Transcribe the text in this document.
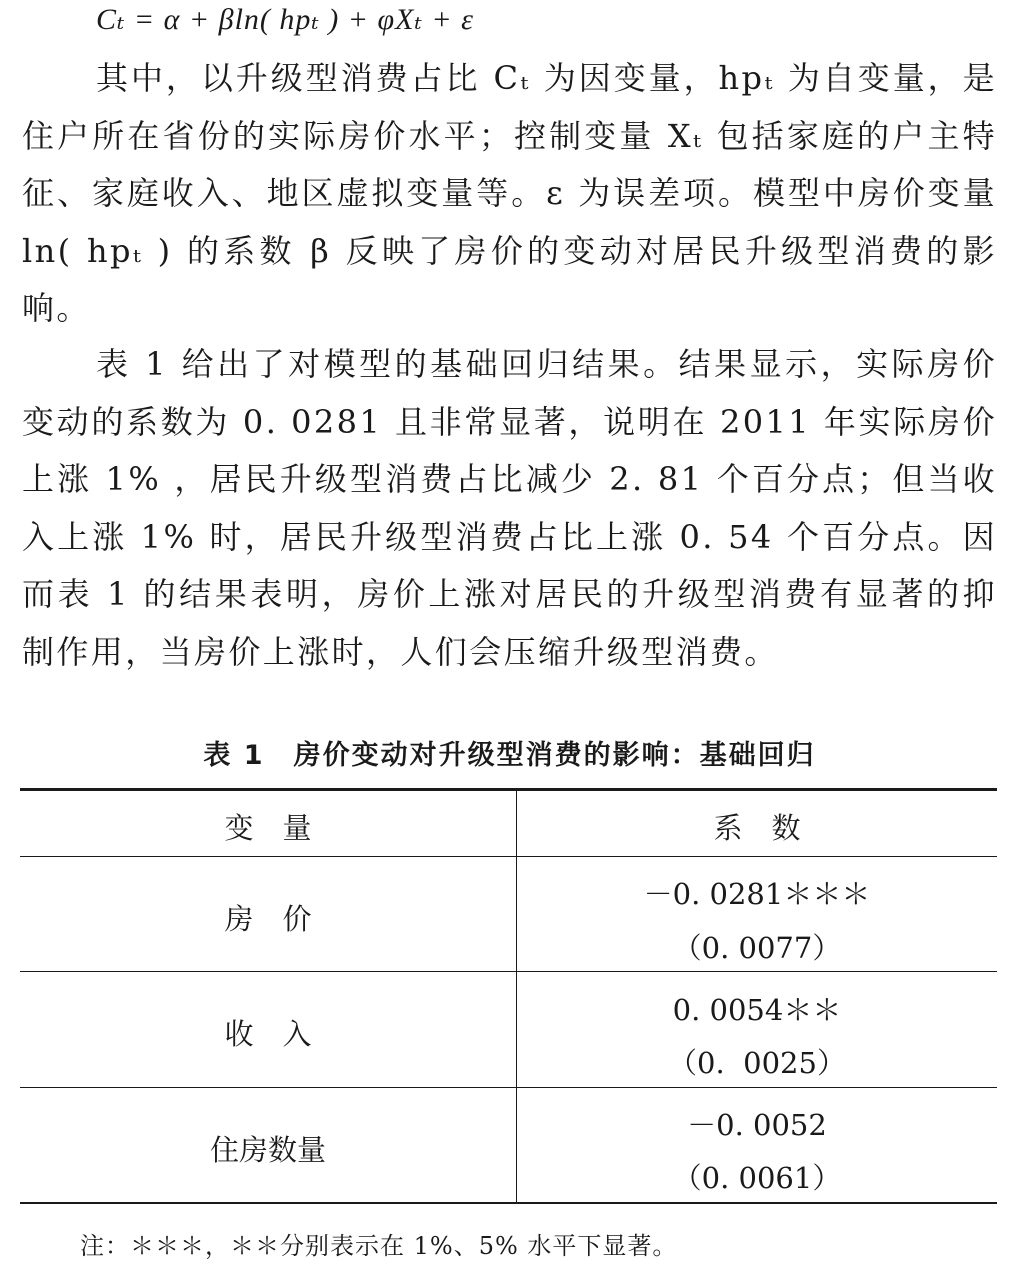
Cₜ = α + βln( hpₜ ) + φXₜ + ε

其中，以升级型消费占比 Cₜ 为因变量，hpₜ 为自变量，是住户所在省份的实际房价水平；控制变量 Xₜ 包括家庭的户主特征、家庭收入、地区虚拟变量等。ε 为误差项。模型中房价变量 ln( hpₜ ) 的系数 β 反映了房价的变动对居民升级型消费的影响。

表 1 给出了对模型的基础回归结果。结果显示，实际房价变动的系数为 0. 0281 且非常显著，说明在 2011 年实际房价上涨 1% ，居民升级型消费占比减少 2. 81 个百分点；但当收入上涨 1% 时，居民升级型消费占比上涨 0. 54 个百分点。因而表 1 的结果表明，房价上涨对居民的升级型消费有显著的抑制作用，当房价上涨时，人们会压缩升级型消费。

表 1　房价变动对升级型消费的影响：基础回归
变　量	系　数
房　价
－0. 0281＊＊＊
（0. 0077）
收　入
0. 0054＊＊
（0.  0025）
住房数量
－0. 0052
（0. 0061）
注：＊＊＊，＊＊分别表示在 1%、5% 水平下显著。
